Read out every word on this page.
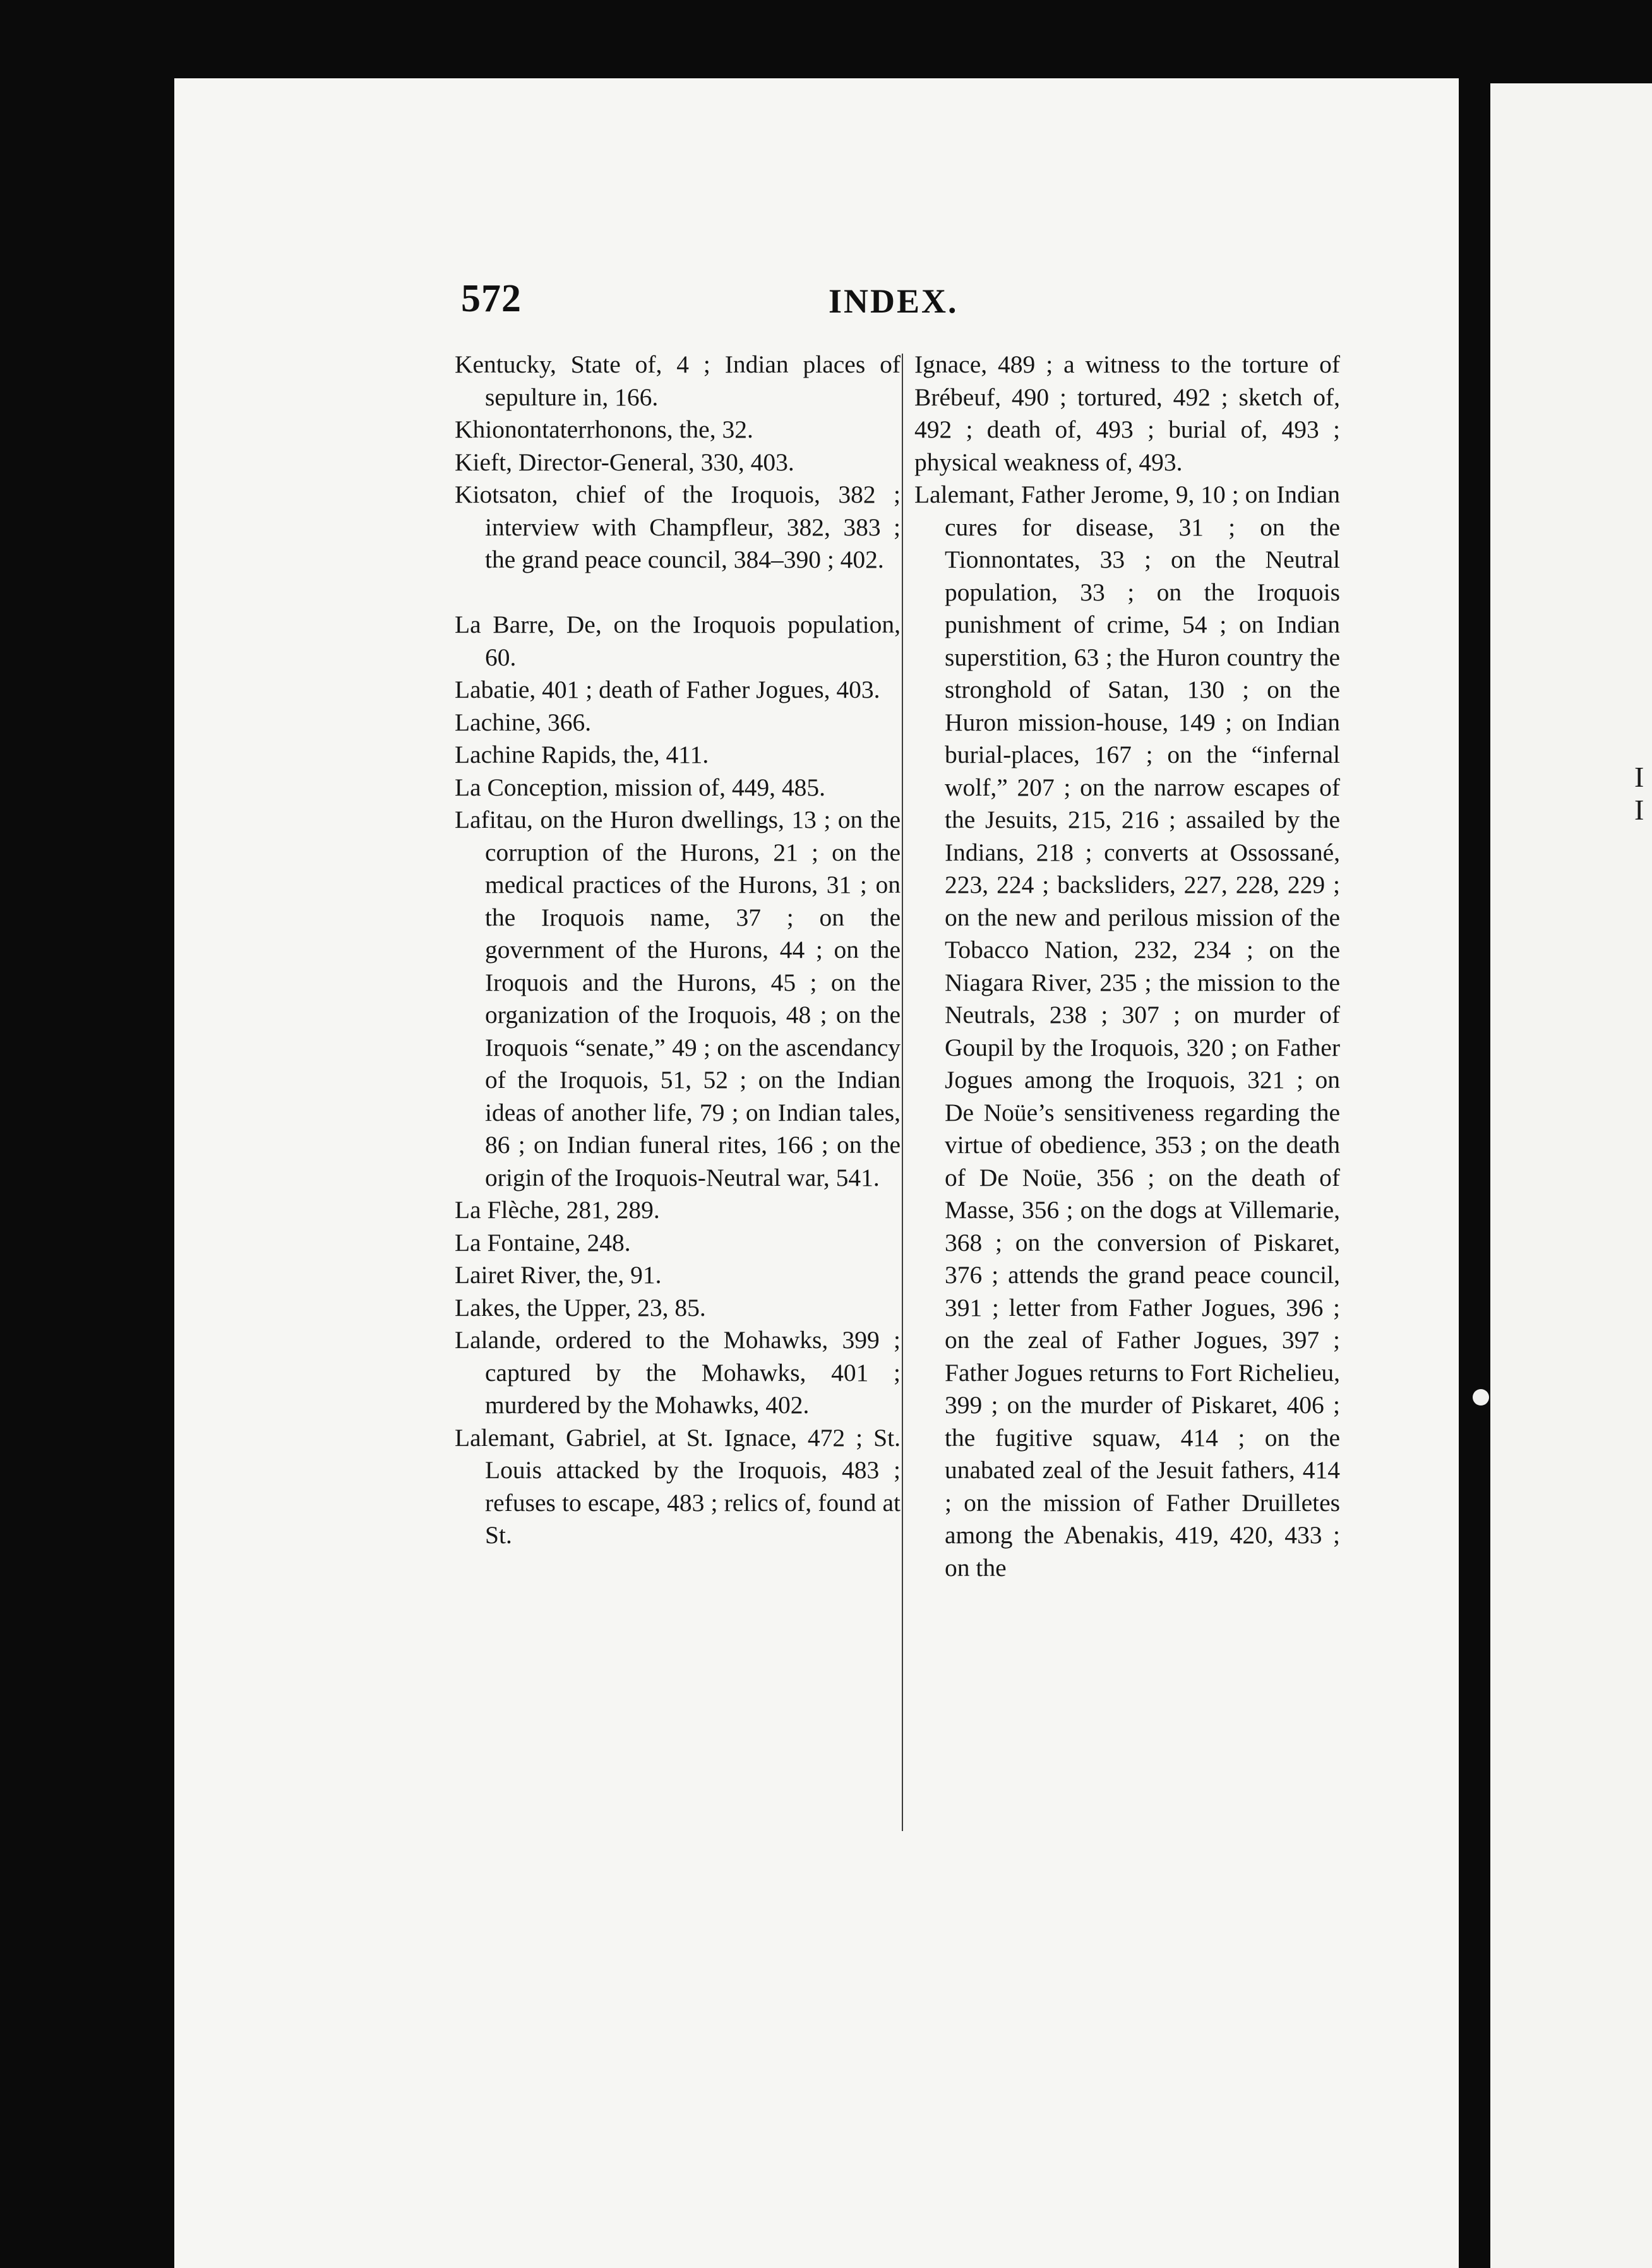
I
I
572	INDEX.

Kentucky, State of, 4 ; Indian places of sepulture in, 166.

Khionontaterrhonons, the, 32.

Kieft, Director-General, 330, 403.

Kiotsaton, chief of the Iroquois, 382 ; interview with Champfleur, 382, 383 ; the grand peace council, 384–390 ; 402.

La Barre, De, on the Iroquois population, 60.

Labatie, 401 ; death of Father Jogues, 403.

Lachine, 366.

Lachine Rapids, the, 411.

La Conception, mission of, 449, 485.

Lafitau, on the Huron dwellings, 13 ; on the corruption of the Hurons, 21 ; on the medical practices of the Hurons, 31 ; on the Iroquois name, 37 ; on the government of the Hurons, 44 ; on the Iroquois and the Hurons, 45 ; on the organization of the Iroquois, 48 ; on the Iroquois “senate,” 49 ; on the ascendancy of the Iroquois, 51, 52 ; on the Indian ideas of another life, 79 ; on Indian tales, 86 ; on Indian funeral rites, 166 ; on the origin of the Iroquois-Neutral war, 541.

La Flèche, 281, 289.

La Fontaine, 248.

Lairet River, the, 91.

Lakes, the Upper, 23, 85.

Lalande, ordered to the Mohawks, 399 ; captured by the Mohawks, 401 ; murdered by the Mohawks, 402.

Lalemant, Gabriel, at St. Ignace, 472 ; St. Louis attacked by the Iroquois, 483 ; refuses to escape, 483 ; relics of, found at St.

Ignace, 489 ; a witness to the torture of Brébeuf, 490 ; tortured, 492 ; sketch of, 492 ; death of, 493 ; burial of, 493 ; physical weakness of, 493.

Lalemant, Father Jerome, 9, 10 ; on Indian cures for disease, 31 ; on the Tionnontates, 33 ; on the Neutral population, 33 ; on the Iroquois punishment of crime, 54 ; on Indian superstition, 63 ; the Huron country the stronghold of Satan, 130 ; on the Huron mission-house, 149 ; on Indian burial-places, 167 ; on the “infernal wolf,” 207 ; on the narrow escapes of the Jesuits, 215, 216 ; assailed by the Indians, 218 ; converts at Ossossané, 223, 224 ; backsliders, 227, 228, 229 ; on the new and perilous mission of the Tobacco Nation, 232, 234 ; on the Niagara River, 235 ; the mission to the Neutrals, 238 ; 307 ; on murder of Goupil by the Iroquois, 320 ; on Father Jogues among the Iroquois, 321 ; on De Noüe’s sensitiveness regarding the virtue of obedience, 353 ; on the death of De Noüe, 356 ; on the death of Masse, 356 ; on the dogs at Villemarie, 368 ; on the conversion of Piskaret, 376 ; attends the grand peace council, 391 ; letter from Father Jogues, 396 ; on the zeal of Father Jogues, 397 ; Father Jogues returns to Fort Richelieu, 399 ; on the murder of Piskaret, 406 ; the fugitive squaw, 414 ; on the unabated zeal of the Jesuit fathers, 414 ; on the mission of Father Druilletes among the Abenakis, 419, 420, 433 ; on the
